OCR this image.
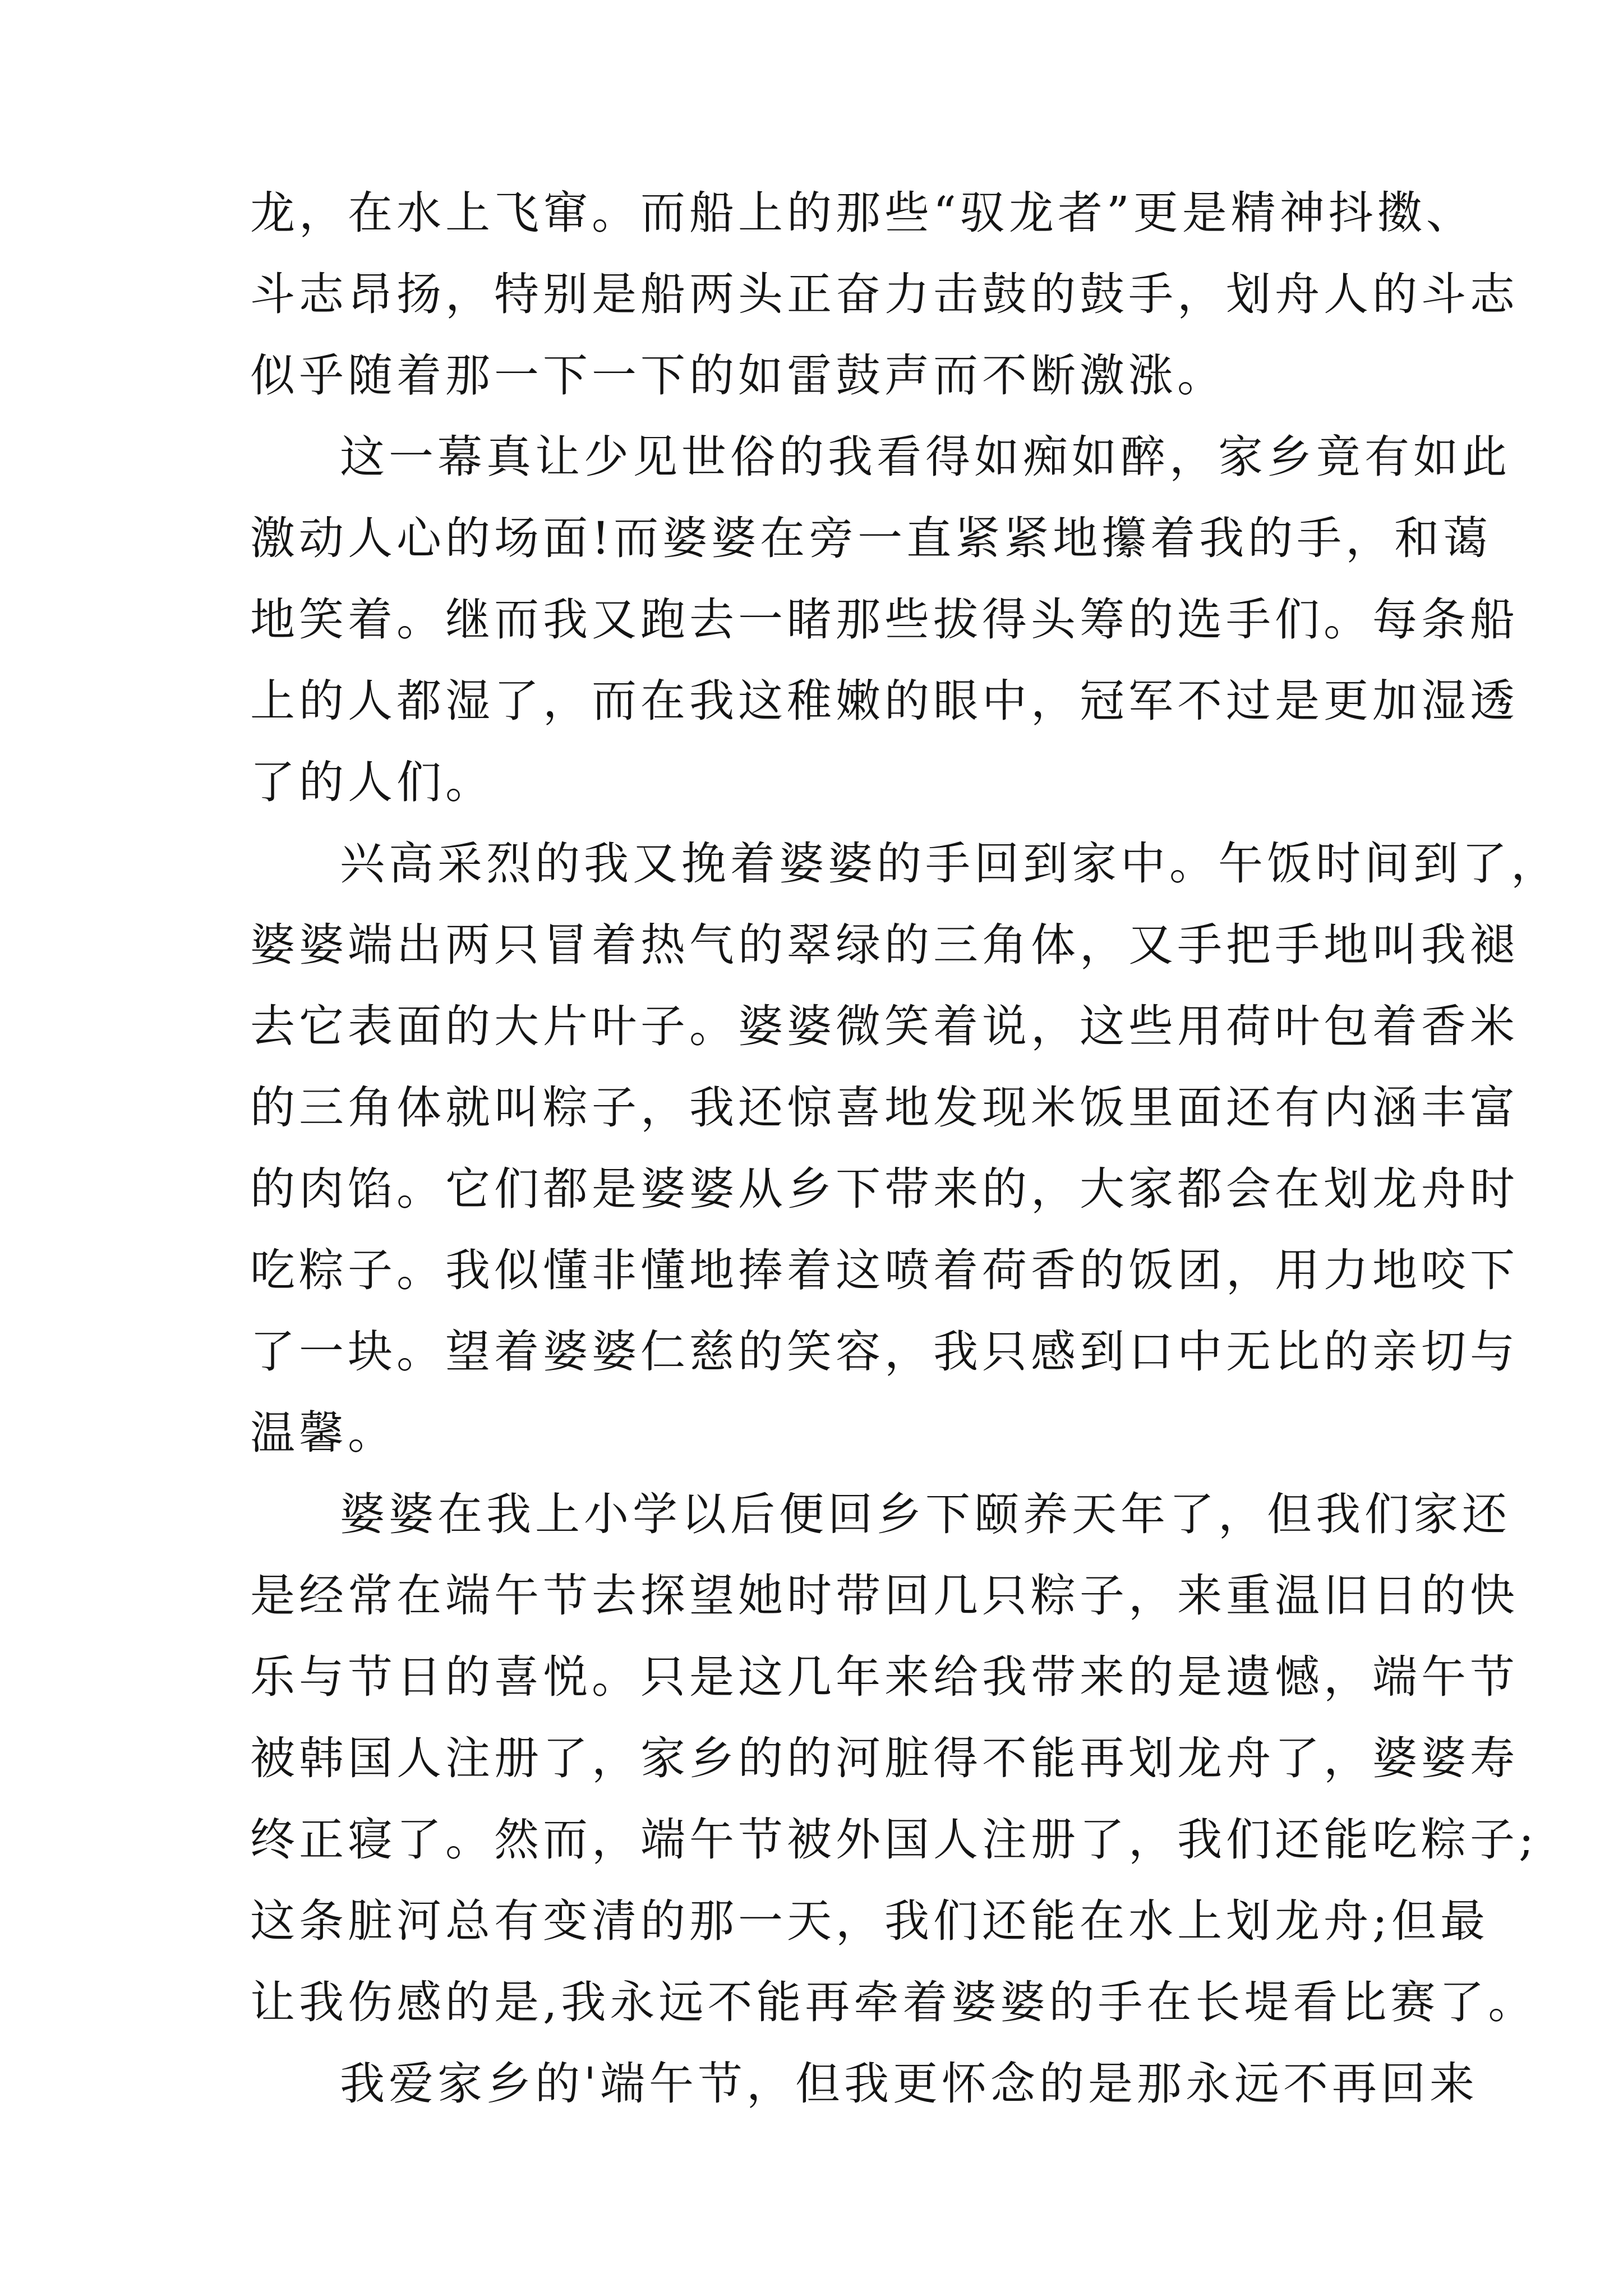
龙，在水上飞窜。而船上的那些“驭龙者”更是精神抖擞、
斗志昂扬，特别是船两头正奋力击鼓的鼓手，划舟人的斗志
似乎随着那一下一下的如雷鼓声而不断激涨。
这一幕真让少见世俗的我看得如痴如醉，家乡竟有如此
激动人心的场面!而婆婆在旁一直紧紧地攥着我的手，和蔼
地笑着。继而我又跑去一睹那些拔得头筹的选手们。每条船
上的人都湿了，而在我这稚嫩的眼中，冠军不过是更加湿透
了的人们。
兴高采烈的我又挽着婆婆的手回到家中。午饭时间到了，
婆婆端出两只冒着热气的翠绿的三角体，又手把手地叫我褪
去它表面的大片叶子。婆婆微笑着说，这些用荷叶包着香米
的三角体就叫粽子，我还惊喜地发现米饭里面还有内涵丰富
的肉馅。它们都是婆婆从乡下带来的，大家都会在划龙舟时
吃粽子。我似懂非懂地捧着这喷着荷香的饭团，用力地咬下
了一块。望着婆婆仁慈的笑容，我只感到口中无比的亲切与
温馨。
婆婆在我上小学以后便回乡下颐养天年了，但我们家还
是经常在端午节去探望她时带回几只粽子，来重温旧日的快
乐与节日的喜悦。只是这几年来给我带来的是遗憾，端午节
被韩国人注册了，家乡的的河脏得不能再划龙舟了，婆婆寿
终正寝了。然而，端午节被外国人注册了，我们还能吃粽子;
这条脏河总有变清的那一天，我们还能在水上划龙舟;但最
让我伤感的是,我永远不能再牵着婆婆的手在长堤看比赛了。
我爱家乡的'端午节，但我更怀念的是那永远不再回来
